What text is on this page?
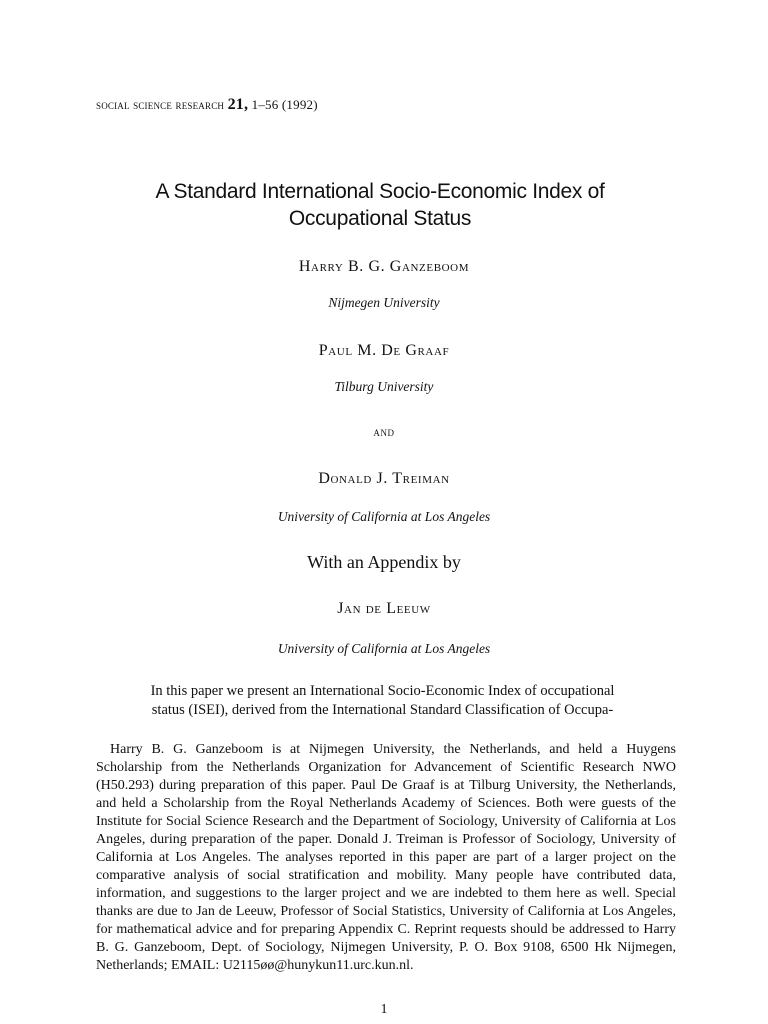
social science research 21, 1–56 (1992)
A Standard International Socio-Economic Index of
Occupational Status
Harry B. G. Ganzeboom
Nijmegen University
Paul M. De Graaf
Tilburg University
and
Donald J. Treiman
University of California at Los Angeles
With an Appendix by
Jan de Leeuw
University of California at Los Angeles
In this paper we present an International Socio-Economic Index of occupational
status (ISEI), derived from the International Standard Classification of Occupa-

Harry B. G. Ganzeboom is at Nijmegen University, the Netherlands, and held a Huygens Scholarship from the Netherlands Organization for Advancement of Scientific Research NWO (H50.293) during preparation of this paper. Paul De Graaf is at Tilburg University, the Netherlands, and held a Scholarship from the Royal Netherlands Academy of Sciences. Both were guests of the Institute for Social Science Research and the Department of Sociology, University of California at Los Angeles, during preparation of the paper. Donald J. Treiman is Professor of Sociology, University of California at Los Angeles. The analyses reported in this paper are part of a larger project on the comparative analysis of social stratification and mobility. Many people have contributed data, information, and suggestions to the larger project and we are indebted to them here as well. Special thanks are due to Jan de Leeuw, Professor of Social Statistics, University of California at Los Angeles, for mathematical advice and for preparing Appendix C. Reprint requests should be addressed to Harry B. G. Ganzeboom, Dept. of Sociology, Nijmegen University, P. O. Box 9108, 6500 Hk Nijmegen, Netherlands; EMAIL: U2115øø@hunykun11.urc.kun.nl.

1
